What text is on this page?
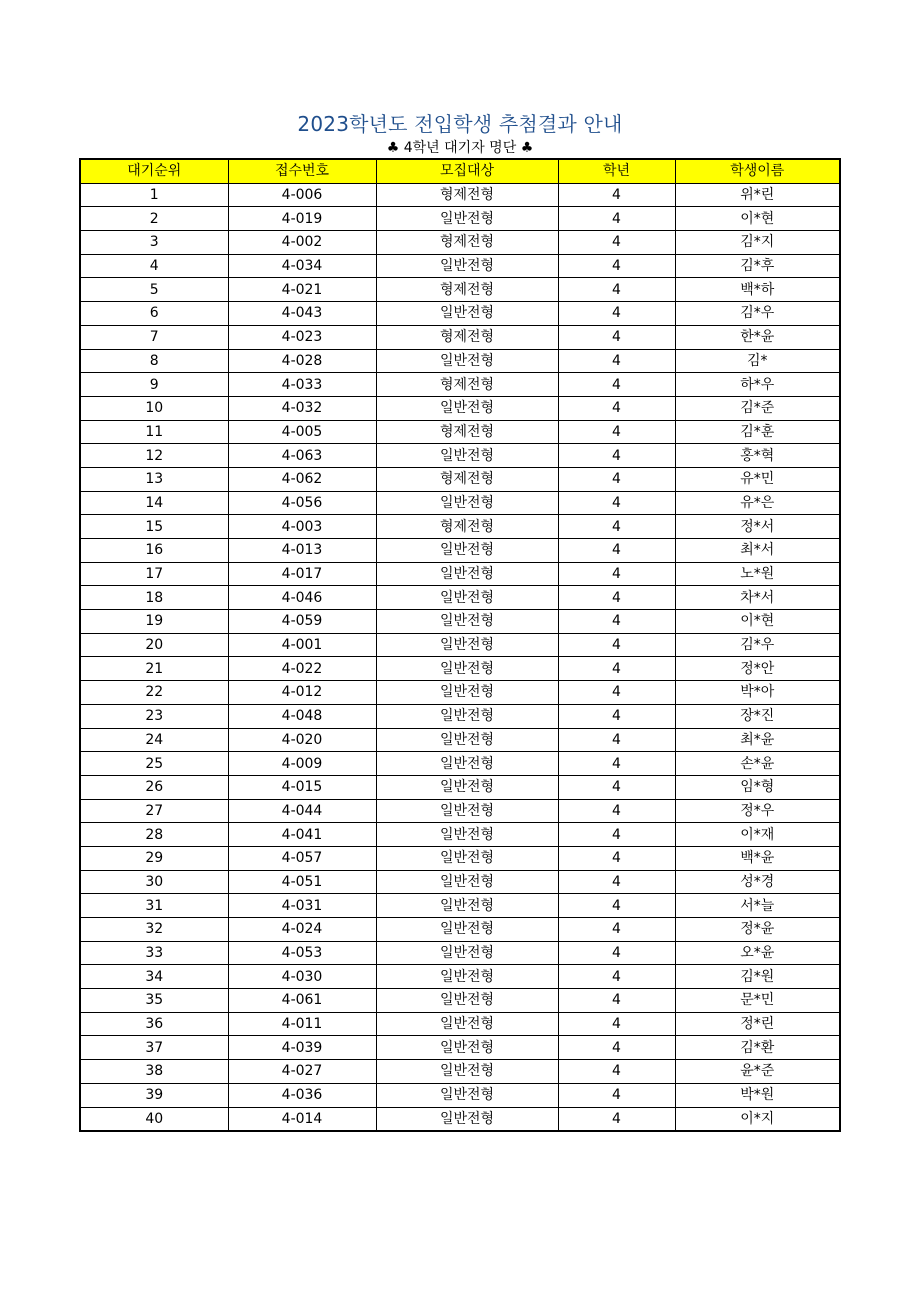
2023학년도 전입학생 추첨결과 안내
♣ 4학년 대기자 명단 ♣
대기순위	접수번호	모집대상	학년	학생이름
1	4-006	형제전형	4	위*린
2	4-019	일반전형	4	이*현
3	4-002	형제전형	4	김*지
4	4-034	일반전형	4	김*후
5	4-021	형제전형	4	백*하
6	4-043	일반전형	4	김*우
7	4-023	형제전형	4	한*윤
8	4-028	일반전형	4	김*
9	4-033	형제전형	4	하*우
10	4-032	일반전형	4	김*준
11	4-005	형제전형	4	김*훈
12	4-063	일반전형	4	홍*혁
13	4-062	형제전형	4	유*민
14	4-056	일반전형	4	유*은
15	4-003	형제전형	4	정*서
16	4-013	일반전형	4	최*서
17	4-017	일반전형	4	노*원
18	4-046	일반전형	4	차*서
19	4-059	일반전형	4	이*현
20	4-001	일반전형	4	김*우
21	4-022	일반전형	4	정*안
22	4-012	일반전형	4	박*아
23	4-048	일반전형	4	장*진
24	4-020	일반전형	4	최*윤
25	4-009	일반전형	4	손*윤
26	4-015	일반전형	4	임*형
27	4-044	일반전형	4	정*우
28	4-041	일반전형	4	이*재
29	4-057	일반전형	4	백*윤
30	4-051	일반전형	4	성*경
31	4-031	일반전형	4	서*늘
32	4-024	일반전형	4	정*윤
33	4-053	일반전형	4	오*윤
34	4-030	일반전형	4	김*원
35	4-061	일반전형	4	문*민
36	4-011	일반전형	4	정*린
37	4-039	일반전형	4	김*환
38	4-027	일반전형	4	윤*준
39	4-036	일반전형	4	박*원
40	4-014	일반전형	4	이*지
